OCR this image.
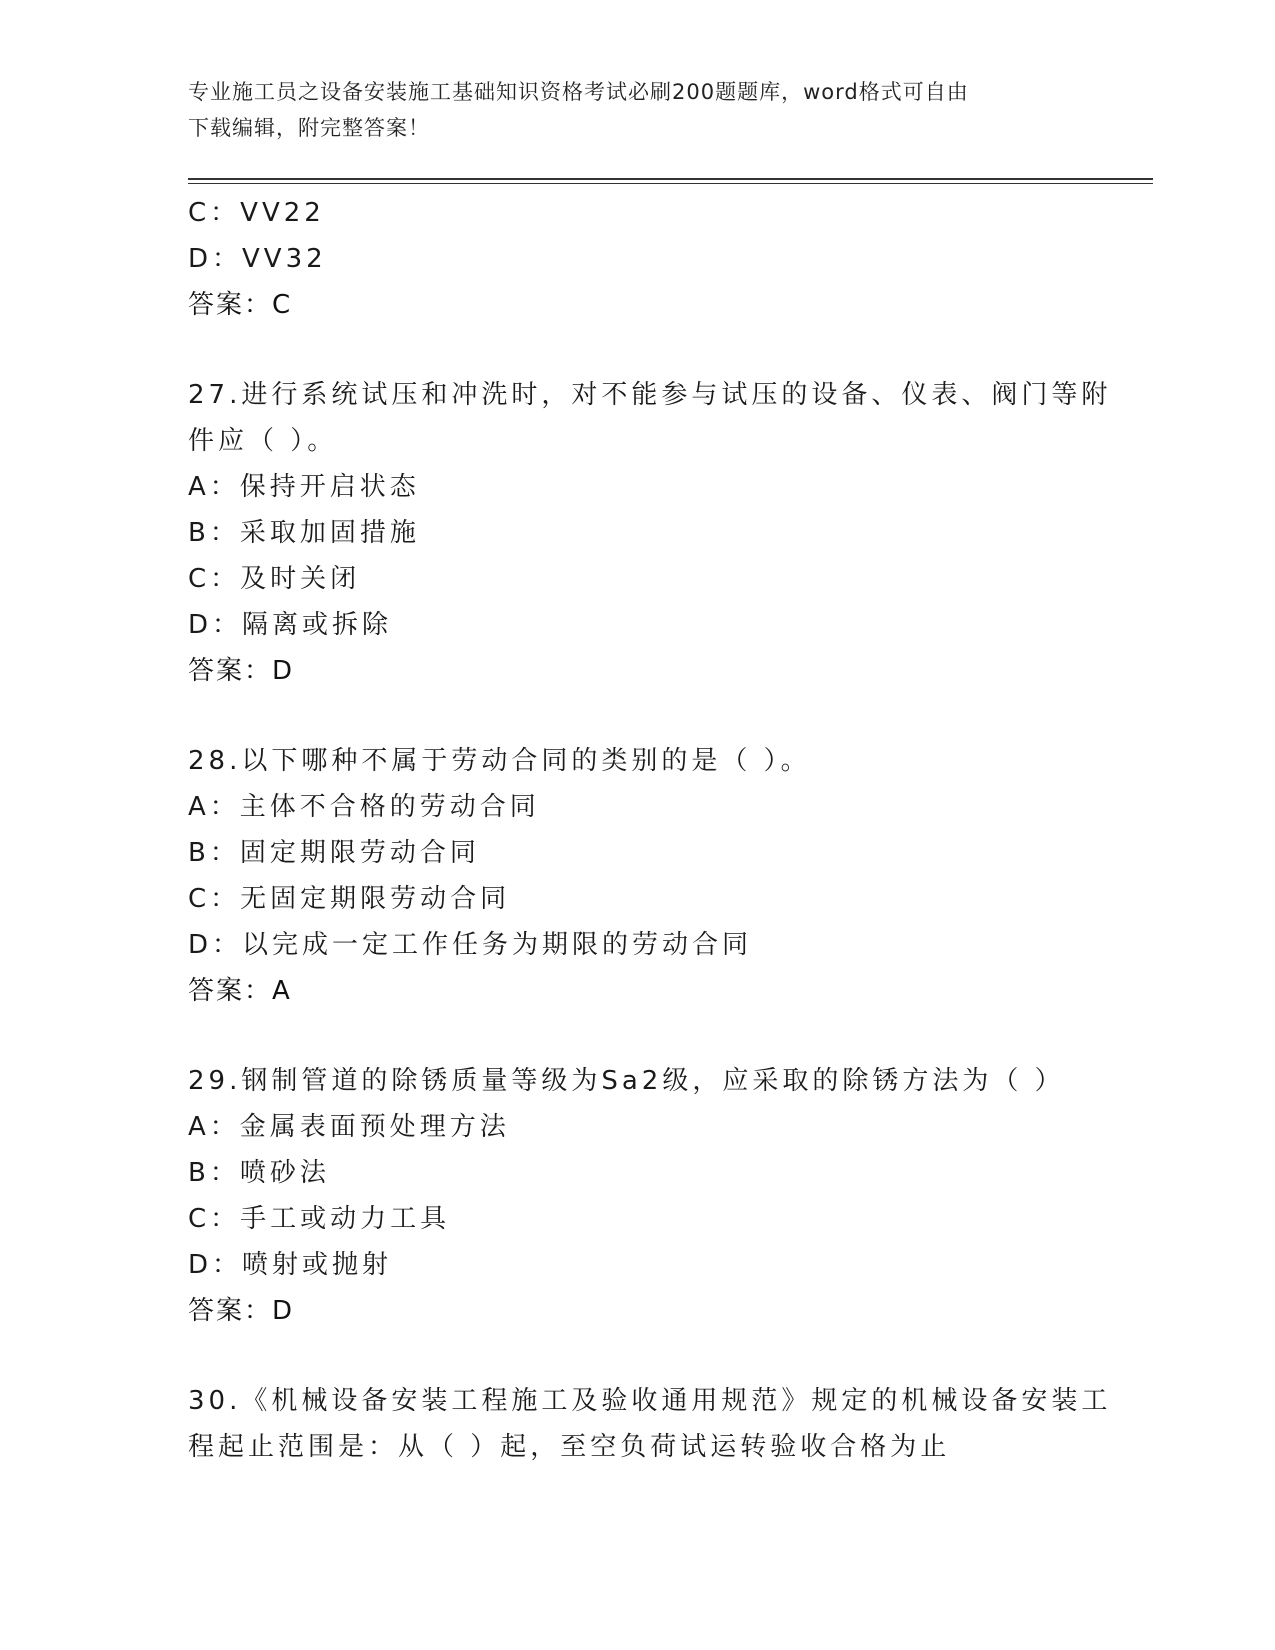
专业施工员之设备安装施工基础知识资格考试必刷200题题库，word格式可自由
下载编辑，附完整答案！
C：VV22
D：VV32
答案：C
27.进行系统试压和冲洗时，对不能参与试压的设备、仪表、阀门等附
件应（ ）。
A：保持开启状态
B：采取加固措施
C：及时关闭
D：隔离或拆除
答案：D
28.以下哪种不属于劳动合同的类别的是（ ）。
A：主体不合格的劳动合同
B：固定期限劳动合同
C：无固定期限劳动合同
D：以完成一定工作任务为期限的劳动合同
答案：A
29.钢制管道的除锈质量等级为Sa2级，应采取的除锈方法为（ ）
A：金属表面预处理方法
B：喷砂法
C：手工或动力工具
D：喷射或抛射
答案：D
30.《机械设备安装工程施工及验收通用规范》规定的机械设备安装工
程起止范围是：从（ ）起，至空负荷试运转验收合格为止
